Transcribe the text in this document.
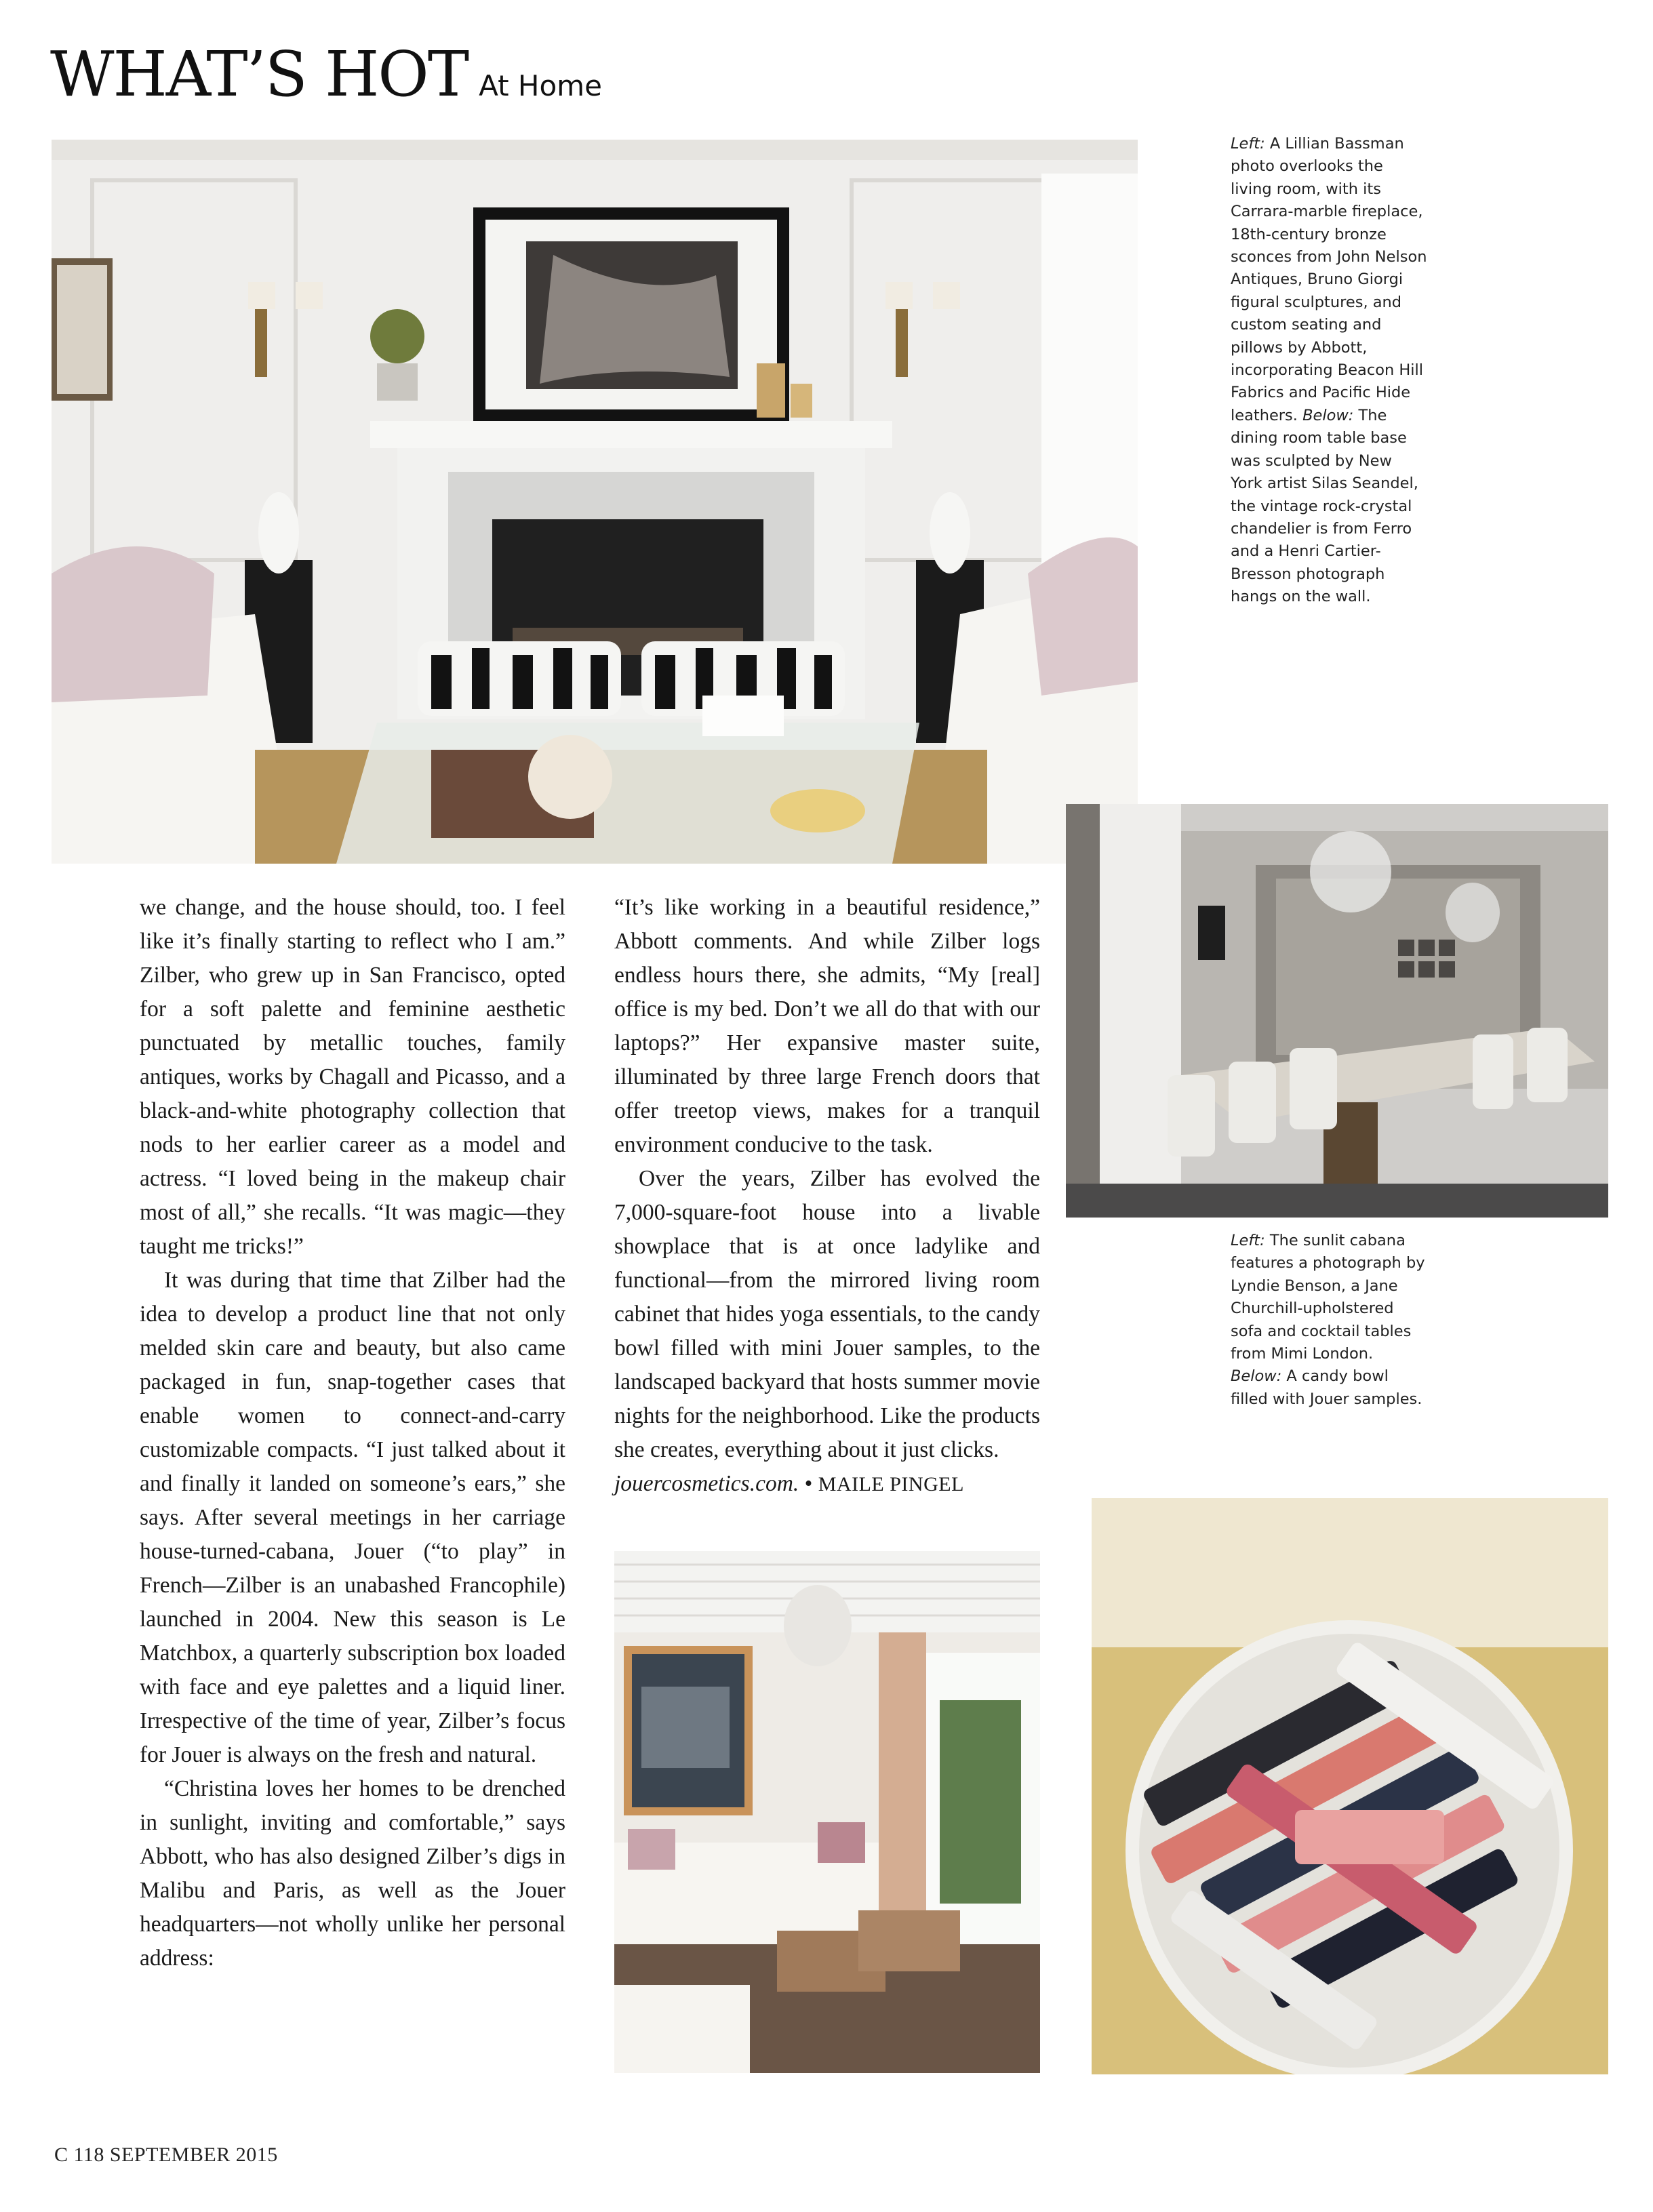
WHAT’S HOT At Home
Left: A Lillian Bassman photo overlooks the living room, with its Carrara-marble fireplace, 18th-century bronze sconces from John Nelson Antiques, Bruno Giorgi figural sculptures, and custom seating and pillows by Abbott, incorporating Beacon Hill Fabrics and Pacific Hide leathers. Below: The dining room table base was sculpted by New York artist Silas Seandel, the vintage rock-crystal chandelier is from Ferro and a Henri Cartier-Bresson photograph hangs on the wall.
Left: The sunlit cabana features a photograph by Lyndie Benson, a Jane Churchill-upholstered sofa and cocktail tables from Mimi London. Below: A candy bowl filled with Jouer samples.

we change, and the house should, too. I feel like it’s finally starting to reflect who I am.” Zilber, who grew up in San Francisco, opted for a soft palette and feminine aesthetic punctuated by metallic touches, family antiques, works by Chagall and Picasso, and a black-and-white photography collection that nods to her earlier career as a model and actress. “I loved being in the makeup chair most of all,” she recalls. “It was magic—they taught me tricks!”

It was during that time that Zilber had the idea to develop a product line that not only melded skin care and beauty, but also came packaged in fun, snap-together cases that enable women to connect-and-carry customizable compacts. “I just talked about it and finally it landed on someone’s ears,” she says. After several meetings in her carriage house-turned-cabana, Jouer (“to play” in French—Zilber is an unabashed Francophile) launched in 2004. New this season is Le Matchbox, a quarterly subscription box loaded with face and eye palettes and a liquid liner. Irrespective of the time of year, Zilber’s focus for Jouer is always on the fresh and natural.

“Christina loves her homes to be drenched in sunlight, inviting and comfortable,” says Abbott, who has also designed Zilber’s digs in Malibu and Paris, as well as the Jouer headquarters—not wholly unlike her personal address:

“It’s like working in a beautiful residence,” Abbott comments. And while Zilber logs endless hours there, she admits, “My [real] office is my bed. Don’t we all do that with our laptops?” Her expansive master suite, illuminated by three large French doors that offer treetop views, makes for a tranquil environment conducive to the task.

Over the years, Zilber has evolved the 7,000-square-foot house into a livable showplace that is at once ladylike and functional—from the mirrored living room cabinet that hides yoga essentials, to the candy bowl filled with mini Jouer samples, to the landscaped backyard that hosts summer movie nights for the neighborhood. Like the products she creates, everything about it just clicks.

jouercosmetics.com. • MAILE PINGEL

C 118 SEPTEMBER 2015
